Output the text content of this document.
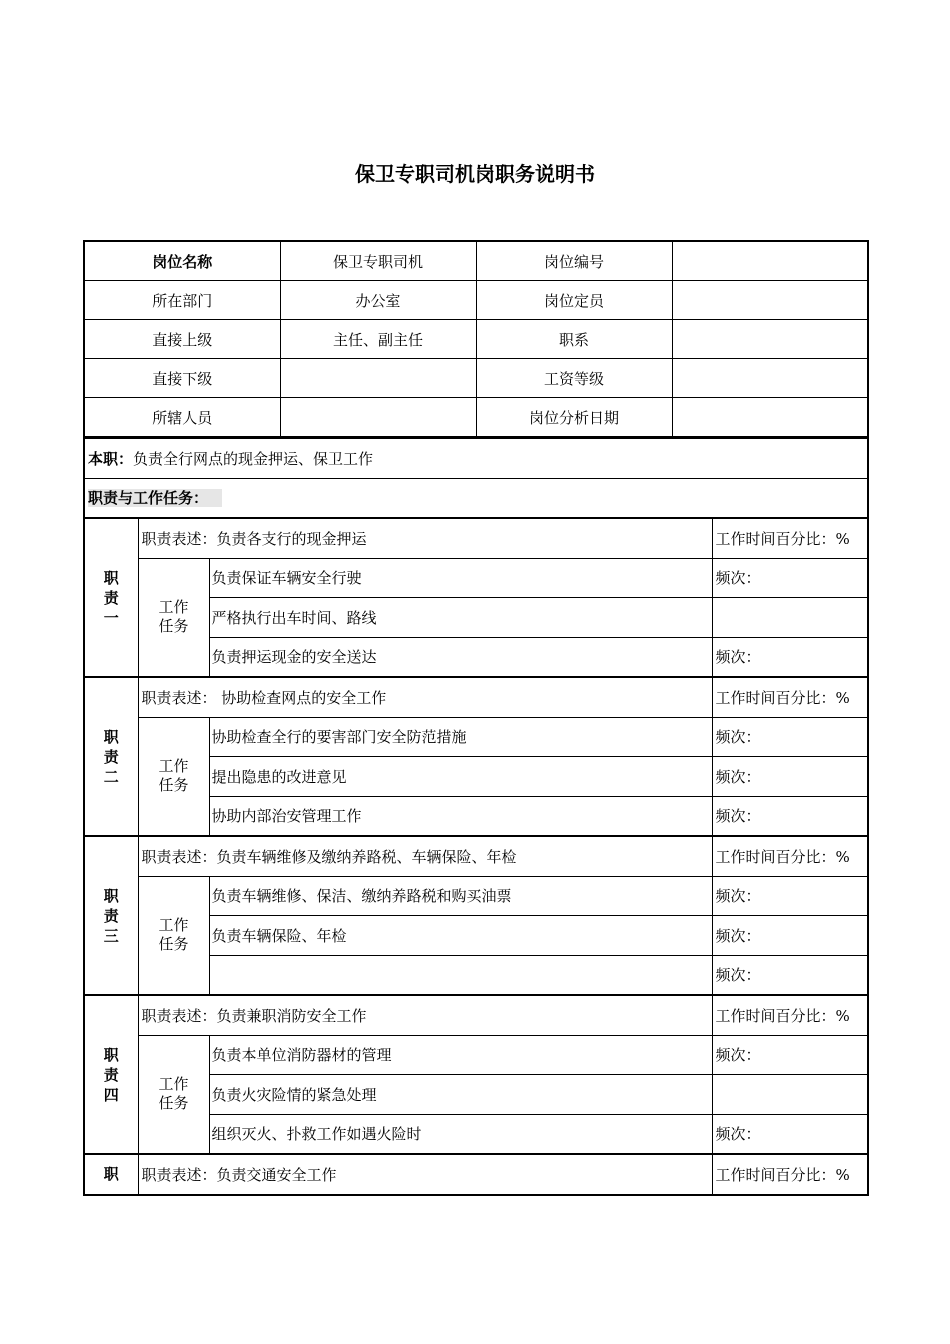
保卫专职司机岗职务说明书
岗位名称	保卫专职司机	岗位编号	
所在部门	办公室	岗位定员	
直接上级	主任、副主任	职系	
直接下级		工资等级	
所辖人员		岗位分析日期	
本职：负责全行网点的现金押运、保卫工作			
职责与工作任务：			

职责一	职责表述：负责各支行的现金押运		工作时间百分比：%

	工作任务	负责保证车辆安全行驶	频次：
		严格执行出车时间、路线	
		负责押运现金的安全送达	频次：

职责二	职责表述： 协助检查网点的安全工作		工作时间百分比：%

	工作任务	协助检查全行的要害部门安全防范措施	频次：
		提出隐患的改进意见	频次：
		协助内部治安管理工作	频次：

职责三	职责表述：负责车辆维修及缴纳养路税、车辆保险、年检		工作时间百分比：%

	工作任务	负责车辆维修、保洁、缴纳养路税和购买油票	频次：
		负责车辆保险、年检	频次：
			频次：

职责四	职责表述：负责兼职消防安全工作		工作时间百分比：%

	工作任务	负责本单位消防器材的管理	频次：
		负责火灾险情的紧急处理	
		组织灭火、扑救工作如遇火险时	频次：
职	职责表述：负责交通安全工作		工作时间百分比：%
